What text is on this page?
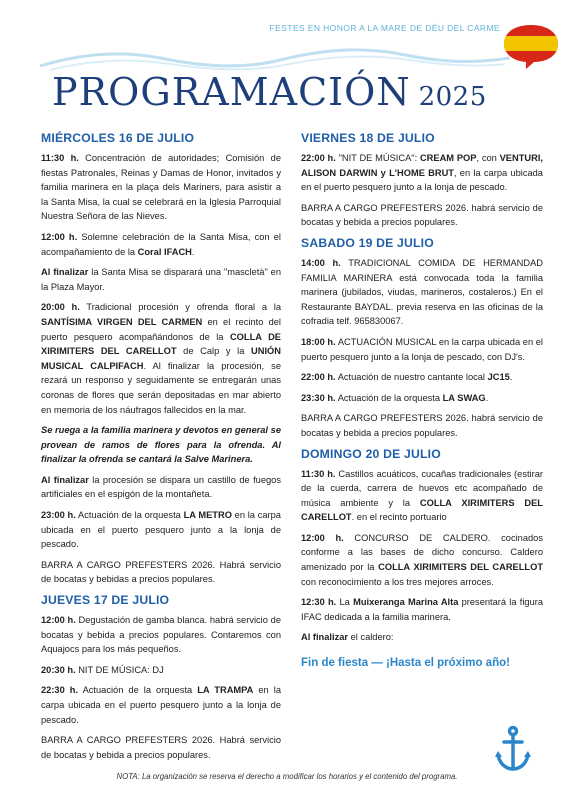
FESTES EN HONOR A LA MARE DE DÉU DEL CARME
PROGRAMACIÓN 2025
MIÉRCOLES 16 DE JULIO

11:30 h. Concentración de autoridades; Comisión de fiestas Patronales, Reinas y Damas de Honor, invitados y familia marinera en la plaça dels Mariners, para asistir a la Santa Misa, la cual se celebrará en la Iglesia Parroquial Nuestra Señora de las Nieves.

12:00 h. Solemne celebración de la Santa Misa, con el acompañamiento de la Coral IFACH.

Al finalizar la Santa Misa se disparará una "mascletà" en la Plaza Mayor.

20:00 h. Tradicional procesión y ofrenda floral a la SANTÍSIMA VIRGEN DEL CARMEN en el recinto del puerto pesquero acompañándonos de la COLLA DE XIRIMITERS DEL CARELLOT de Calp y la UNIÓN MUSICAL CALPIFACH. Al finalizar la procesión, se rezará un responso y seguidamente se entregarán unas coronas de flores que serán depositadas en mar abierto en memoria de los náufragos fallecidos en la mar.

Se ruega a la familia marinera y devotos en general se provean de ramos de flores para la ofrenda. Al finalizar la ofrenda se cantará la Salve Marinera.

Al finalizar la procesión se dispara un castillo de fuegos artificiales en el espigón de la montañeta.

23:00 h. Actuación de la orquesta LA METRO en la carpa ubicada en el puerto pesquero junto a la lonja de pescado.

BARRA A CARGO PREFESTERS 2026. Habrá servicio de bocatas y bebidas a precios populares.

JUEVES 17 DE JULIO

12:00 h. Degustación de gamba blanca. habrá servicio de bocatas y bebida a precios populares. Contaremos con Aquajocs para los más pequeños.

20:30 h. NIT DE MÚSICA: DJ

22:30 h. Actuación de la orquesta LA TRAMPA en la carpa ubicada en el puerto pesquero junto a la lonja de pescado.

BARRA A CARGO PREFESTERS 2026. Habrá servicio de bocatas y bebida a precios populares.

VIERNES 18 DE JULIO

22:00 h. "NIT DE MÚSICA": CREAM POP, con VENTURI, ALISON DARWIN y L'HOME BRUT, en la carpa ubicada en el puerto pesquero junto a la lonja de pescado.

BARRA A CARGO PREFESTERS 2026. habrá servicio de bocatas y bebida a precios populares.

SABADO 19 DE JULIO

14:00 h. TRADICIONAL COMIDA DE HERMANDAD FAMILIA MARINERA está convocada toda la familia marinera (jubilados, viudas, marineros, costaleros.) En el Restaurante BAYDAL. previa reserva en las oficinas de la cofradia telf. 965830067.

18:00 h. ACTUACIÓN MUSICAL en la carpa ubicada en el puerto pesquero junto a la lonja de pescado, con DJ's.

22:00 h. Actuación de nuestro cantante local JC15.

23:30 h. Actuación de la orquesta LA SWAG.

BARRA A CARGO PREFESTERS 2026. habrá servicio de bocatas y bebida a precios populares.

DOMINGO 20 DE JULIO

11:30 h. Castillos acuáticos, cucañas tradicionales (estirar de la cuerda, carrera de huevos etc acompañado de música ambiente y la COLLA XIRIMITERS DEL CARELLOT. en el recinto portuario

12:00 h. CONCURSO DE CALDERO. cocinados conforme a las bases de dicho concurso. Caldero amenizado por la COLLA XIRIMITERS DEL CARELLOT con reconocimiento a los tres mejores arroces.

12:30 h. La Muixeranga Marina Alta presentará la figura IFAC dedicada a la familia marinera.

Al finalizar el caldero:

Fin de fiesta — ¡Hasta el próximo año!
NOTA: La organización se reserva el derecho a modificar los horarios y el contenido del programa.
